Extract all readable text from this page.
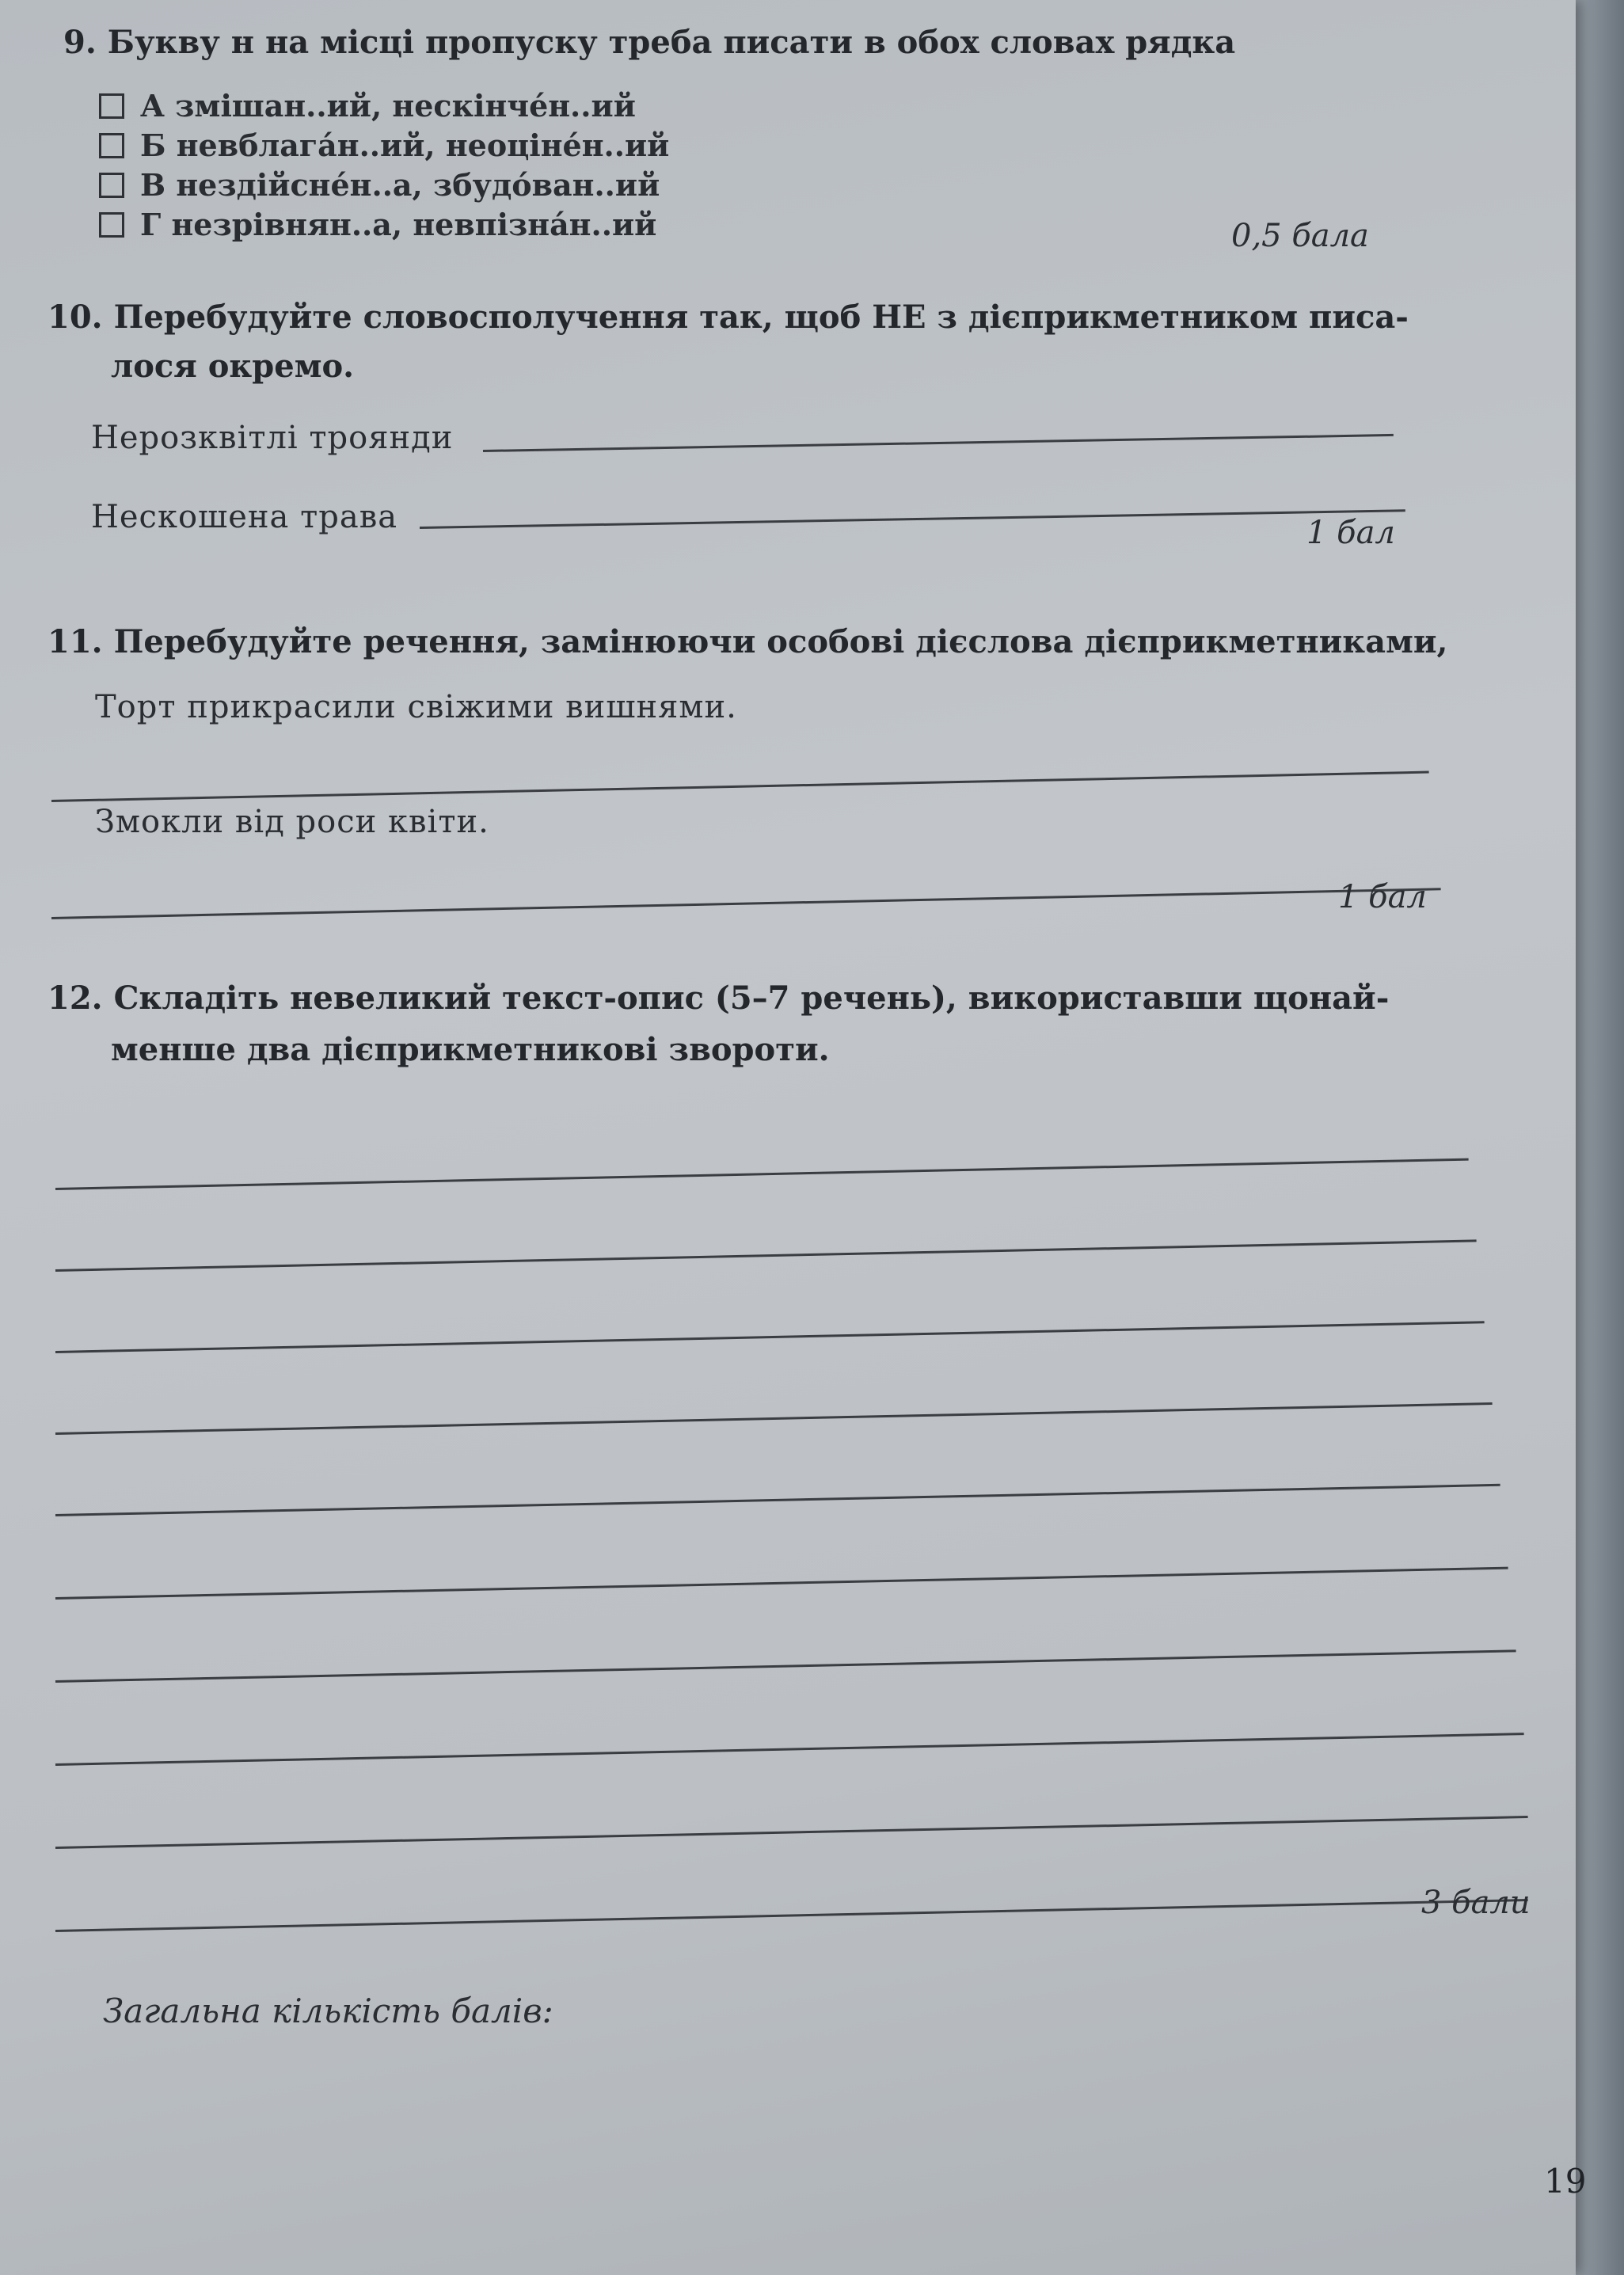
9. Букву н на місці пропуску треба писати в обох словах рядка
А змішан..ий, нескінче́н..ий
Б невблага́н..ий, неоціне́н..ий
В нездійсне́н..а, збудо́ван..ий
Г незрівнян..а, невпізна́н..ий	0,5 бала
10. Перебудуйте словосполучення так, щоб НЕ з дієприкметником писа-
лося окремо.
Нерозквітлі троянди
Нескошена трава	1 бал
11. Перебудуйте речення, замінюючи особові дієслова дієприкметниками,
Торт прикрасили свіжими вишнями.
Змокли від роси квіти.
1 бал
12. Складіть невеликий текст-опис (5–7 речень), використавши щонай-
менше два дієприкметникові звороти.
3 бали
Загальна кількість балів:
19
